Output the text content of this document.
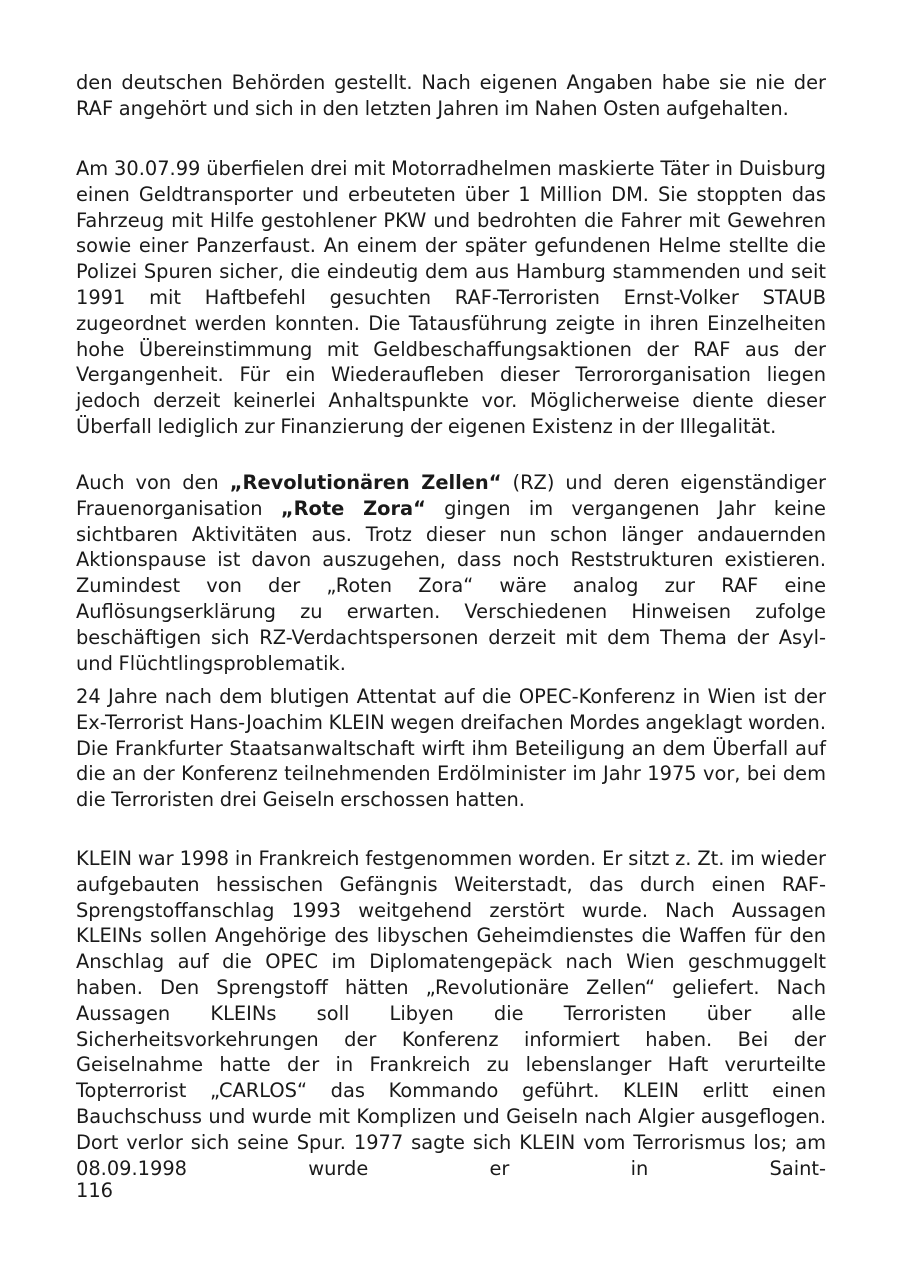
den deutschen Behörden gestellt. Nach eigenen Angaben habe sie nie der RAF angehört und sich in den letzten Jahren im Nahen Osten aufgehalten.

Am 30.07.99 überfielen drei mit Motorradhelmen maskierte Täter in Duisburg einen Geldtransporter und erbeuteten über 1 Million DM. Sie stoppten das Fahrzeug mit Hilfe gestohlener PKW und bedrohten die Fahrer mit Gewehren sowie einer Panzerfaust. An einem der später gefundenen Helme stellte die Polizei Spuren sicher, die eindeutig dem aus Hamburg stammenden und seit 1991 mit Haftbefehl gesuchten RAF-Terroristen Ernst-Volker STAUB zugeordnet werden konnten. Die Tatausführung zeigte in ihren Einzelheiten hohe Übereinstimmung mit Geldbeschaffungsaktionen der RAF aus der Vergangenheit. Für ein Wiederaufleben dieser Terrororganisation liegen jedoch derzeit keinerlei Anhaltspunkte vor. Möglicherweise diente dieser Überfall lediglich zur Finanzierung der eigenen Existenz in der Illegalität.

Auch von den „Revolutionären Zellen“ (RZ) und deren eigenständiger Frauenorganisation „Rote Zora“ gingen im vergangenen Jahr keine sichtbaren Aktivitäten aus. Trotz dieser nun schon länger andauernden Aktionspause ist davon auszugehen, dass noch Reststrukturen existieren. Zumindest von der „Roten Zora“ wäre analog zur RAF eine Auflösungserklärung zu erwarten. Verschiedenen Hinweisen zufolge beschäftigen sich RZ-Verdachtspersonen derzeit mit dem Thema der Asyl- und Flüchtlingsproblematik.

24 Jahre nach dem blutigen Attentat auf die OPEC-Konferenz in Wien ist der Ex-Terrorist Hans-Joachim KLEIN wegen dreifachen Mordes angeklagt worden. Die Frankfurter Staatsanwaltschaft wirft ihm Beteiligung an dem Überfall auf die an der Konferenz teilnehmenden Erdölminister im Jahr 1975 vor, bei dem die Terroristen drei Geiseln erschossen hatten.

KLEIN war 1998 in Frankreich festgenommen worden. Er sitzt z. Zt. im wieder aufgebauten hessischen Gefängnis Weiterstadt, das durch einen RAF-Sprengstoffanschlag 1993 weitgehend zerstört wurde. Nach Aussagen KLEINs sollen Angehörige des libyschen Geheimdienstes die Waffen für den Anschlag auf die OPEC im Diplomatengepäck nach Wien geschmuggelt haben. Den Sprengstoff hätten „Revolutionäre Zellen“ geliefert. Nach Aussagen KLEINs soll Libyen die Terroristen über alle Sicherheitsvorkehrungen der Konferenz informiert haben. Bei der Geiselnahme hatte der in Frankreich zu lebenslanger Haft verurteilte Topterrorist „CARLOS“ das Kommando geführt. KLEIN erlitt einen Bauchschuss und wurde mit Komplizen und Geiseln nach Algier ausgeflogen. Dort verlor sich seine Spur. 1977 sagte sich KLEIN vom Terrorismus los; am 08.09.1998 wurde er in Saint-

116
